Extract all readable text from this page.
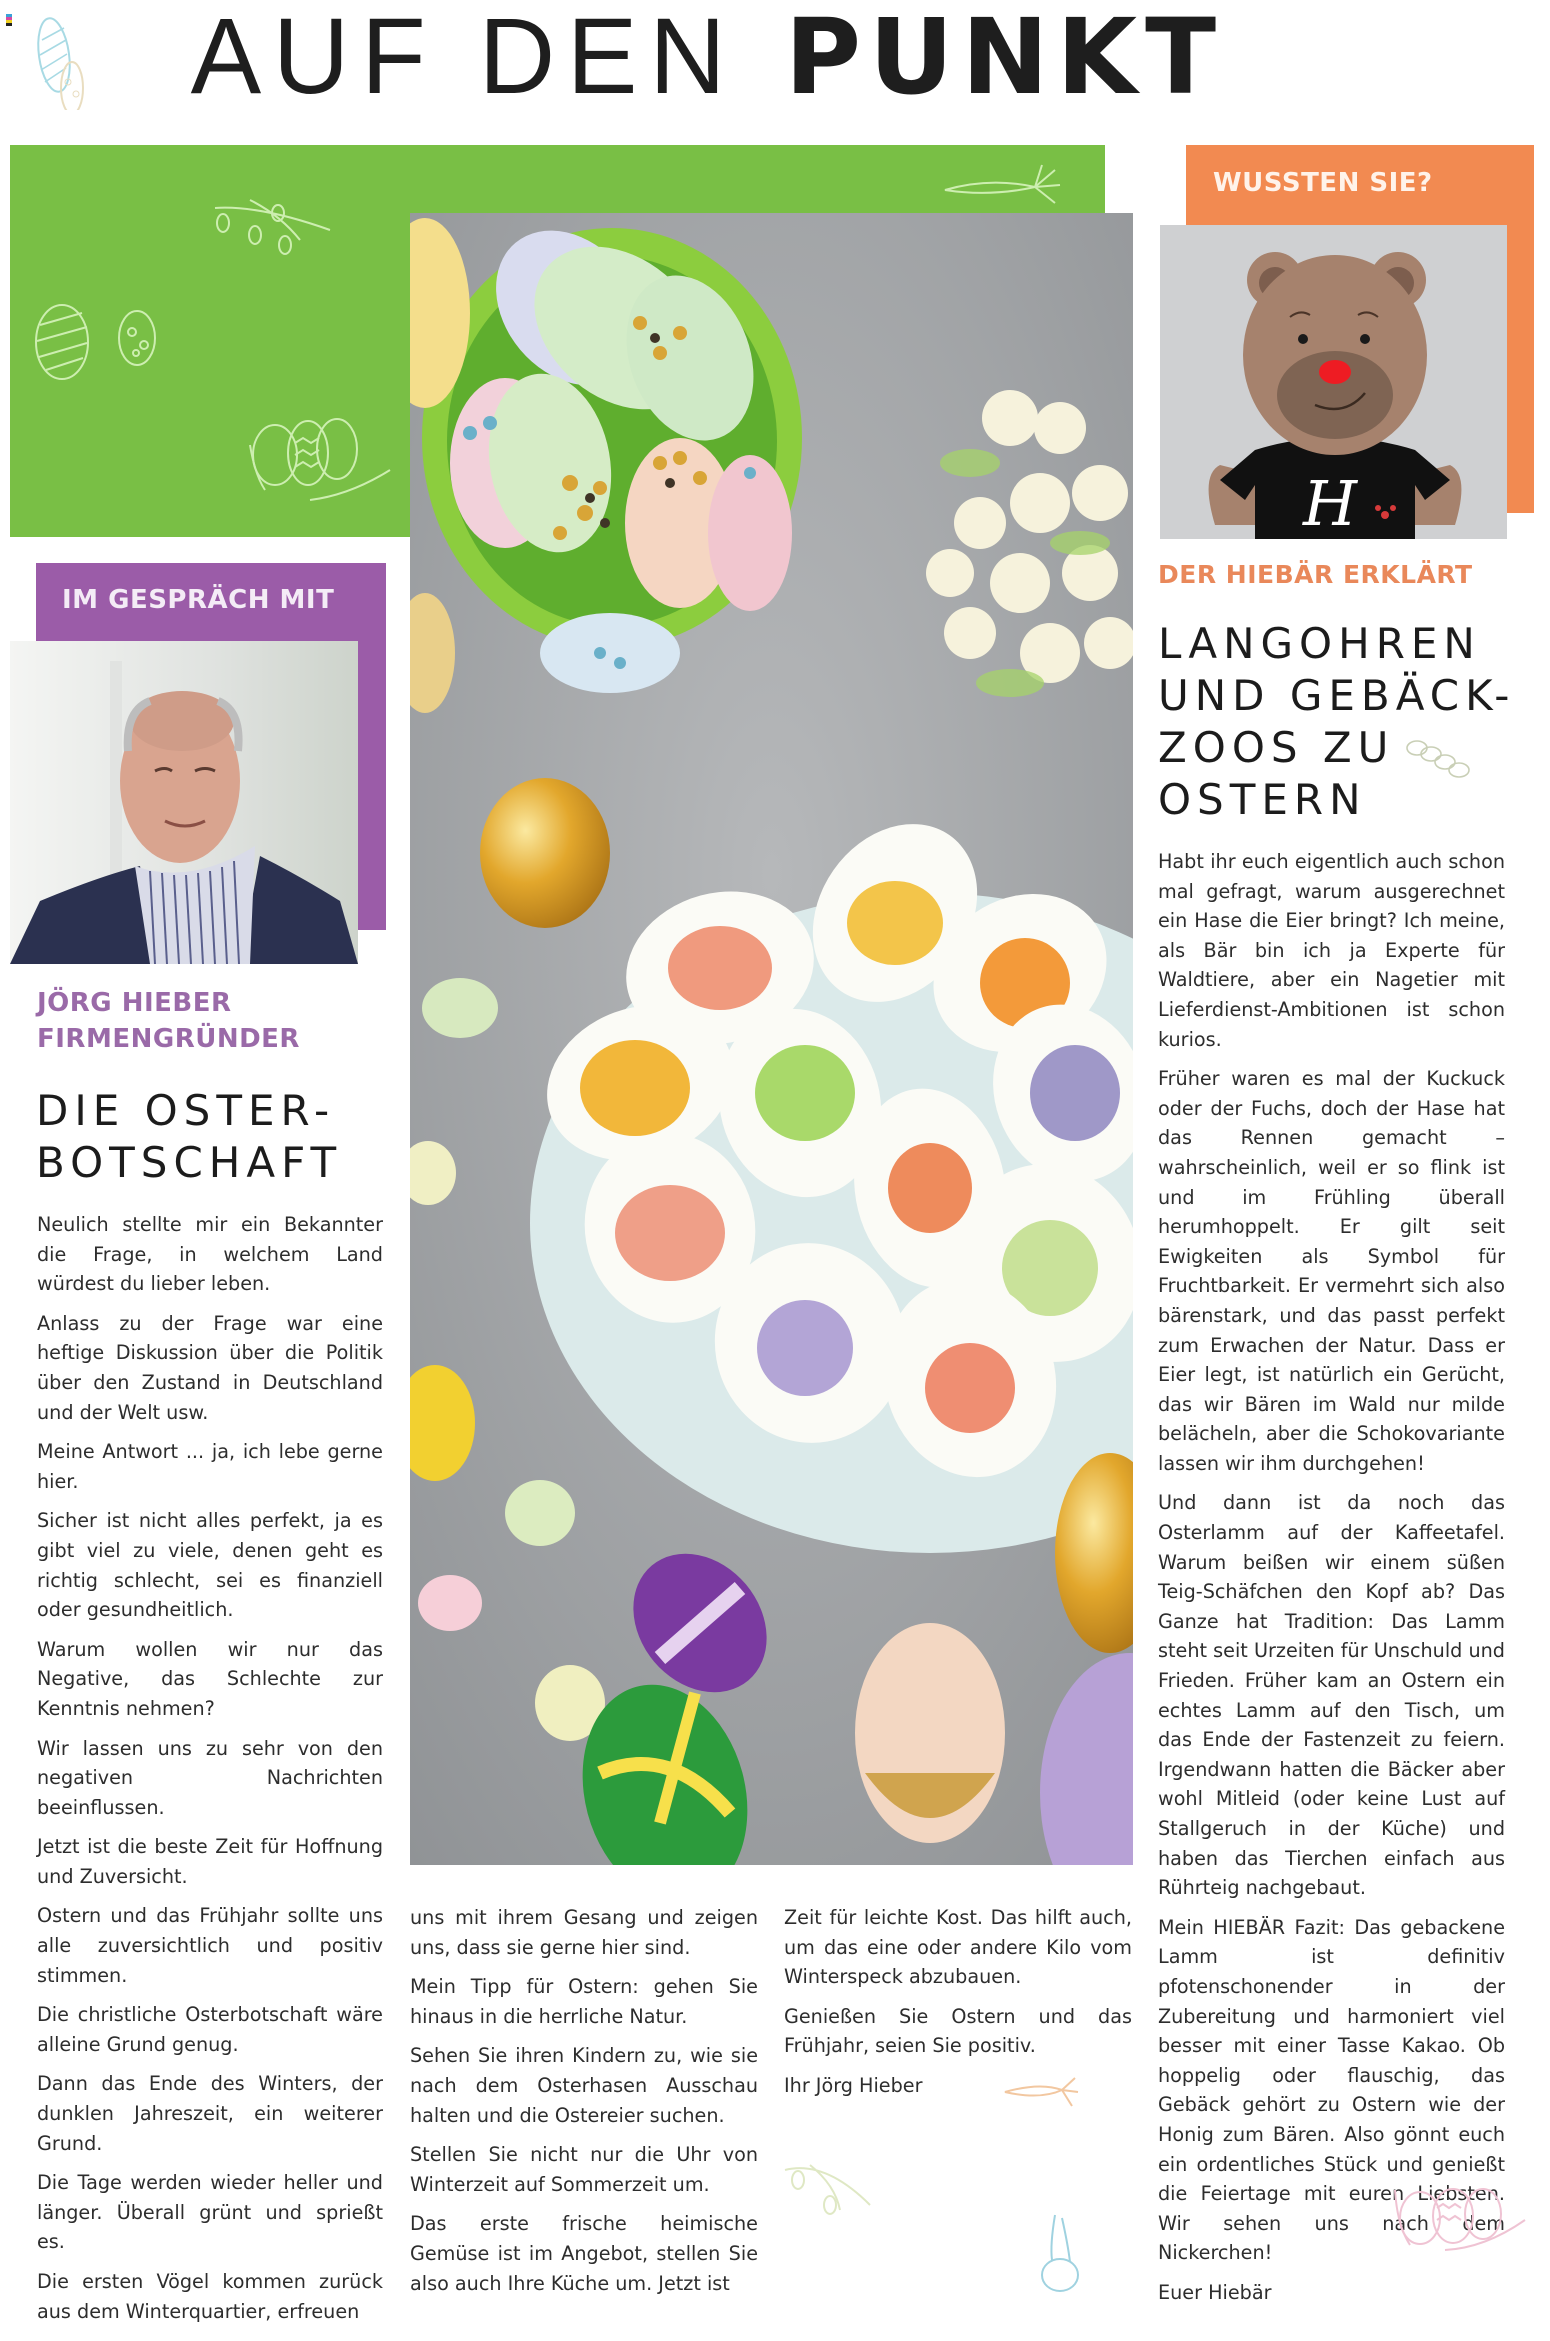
AUF DEN PUNKT
WUSSTEN SIE?
H
IM GESPRÄCH MIT
JÖRG HIEBER
FIRMENGRÜNDER
DIE OSTER-
BOTSCHAFT

Neulich stellte mir ein Bekannter die Frage, in welchem Land würdest du lieber leben.

Anlass zu der Frage war eine heftige Diskussion über die Politik über den Zustand in Deutschland und der Welt usw.

Meine Antwort ... ja, ich lebe gerne hier.

Sicher ist nicht alles perfekt, ja es gibt viel zu viele, denen geht es richtig schlecht, sei es finanziell oder gesundheitlich.

Warum wollen wir nur das Negative, das Schlechte zur Kenntnis nehmen?

Wir lassen uns zu sehr von den negativen Nachrichten beeinflussen.

Jetzt ist die beste Zeit für Hoffnung und Zuversicht.

Ostern und das Frühjahr sollte uns alle zuversichtlich und positiv stimmen.

Die christliche Osterbotschaft wäre alleine Grund genug.

Dann das Ende des Winters, der dunklen Jahreszeit, ein weiterer Grund.

Die Tage werden wieder heller und länger. Überall grünt und sprießt es.

Die ersten Vögel kommen zurück aus dem Winterquartier, erfreuen

uns mit ihrem Gesang und zeigen uns, dass sie gerne hier sind.

Mein Tipp für Ostern: gehen Sie hinaus in die herrliche Natur.

Sehen Sie ihren Kindern zu, wie sie nach dem Osterhasen Ausschau halten und die Ostereier suchen.

Stellen Sie nicht nur die Uhr von Winterzeit auf Sommerzeit um.

Das erste frische heimische Gemüse ist im Angebot, stellen Sie also auch Ihre Küche um. Jetzt ist

Zeit für leichte Kost. Das hilft auch, um das eine oder andere Kilo vom Winterspeck abzubauen.

Genießen Sie Ostern und das Frühjahr, seien Sie positiv.

Ihr Jörg Hieber

DER HIEBÄR ERKLÄRT
LANGOHREN
UND GEBÄCK-
ZOOS ZU
OSTERN

Habt ihr euch eigentlich auch schon mal gefragt, warum ausgerechnet ein Hase die Eier bringt? Ich meine, als Bär bin ich ja Experte für Waldtiere, aber ein Nagetier mit Lieferdienst-Ambitionen ist schon kurios.

Früher waren es mal der Kuckuck oder der Fuchs, doch der Hase hat das Rennen gemacht – wahrscheinlich, weil er so flink ist und im Frühling überall herumhoppelt. Er gilt seit Ewigkeiten als Symbol für Fruchtbarkeit. Er vermehrt sich also bärenstark, und das passt perfekt zum Erwachen der Natur. Dass er Eier legt, ist natürlich ein Gerücht, das wir Bären im Wald nur milde belächeln, aber die Schokovariante lassen wir ihm durchgehen!

Und dann ist da noch das Osterlamm auf der Kaffeetafel. Warum beißen wir einem süßen Teig-Schäfchen den Kopf ab? Das Ganze hat Tradition: Das Lamm steht seit Urzeiten für Unschuld und Frieden. Früher kam an Ostern ein echtes Lamm auf den Tisch, um das Ende der Fastenzeit zu feiern. Irgendwann hatten die Bäcker aber wohl Mitleid (oder keine Lust auf Stallgeruch in der Küche) und haben das Tierchen einfach aus Rührteig nachgebaut.

Mein HIEBÄR Fazit: Das gebackene Lamm ist definitiv pfotenschonender in der Zubereitung und harmoniert viel besser mit einer Tasse Kakao. Ob hoppelig oder flauschig, das Gebäck gehört zu Ostern wie der Honig zum Bären. Also gönnt euch ein ordentliches Stück und genießt die Feiertage mit euren Liebsten. Wir sehen uns nach dem Nickerchen!

Euer Hiebär
